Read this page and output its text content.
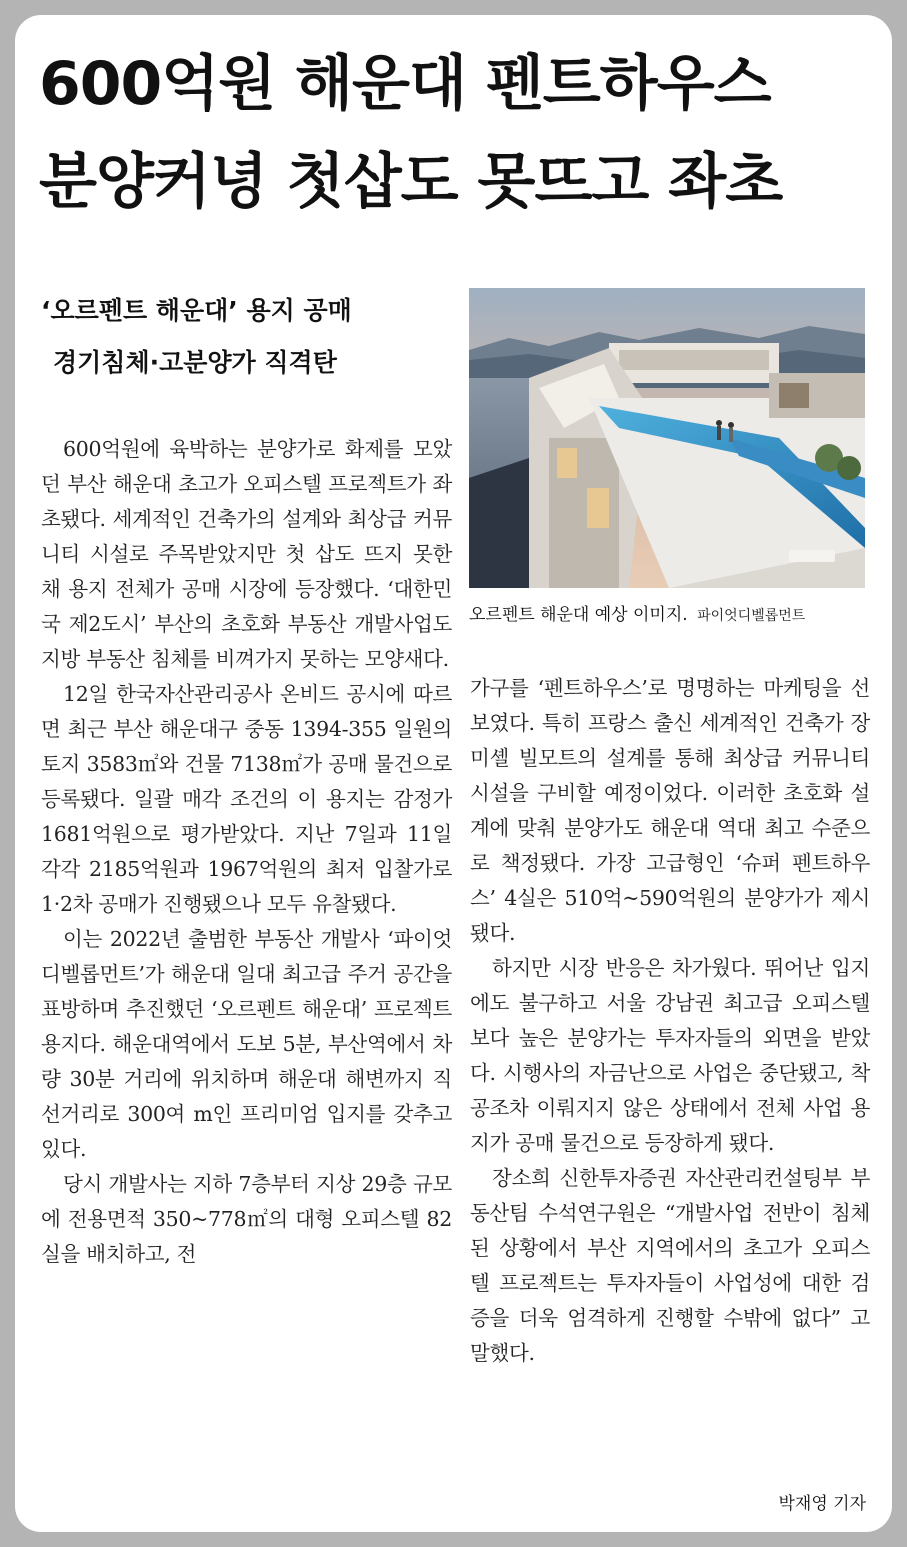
600억원 해운대 펜트하우스
분양커녕 첫삽도 못뜨고 좌초
‘오르펜트 해운대’ 용지 공매
경기침체·고분양가 직격탄

600억원에 육박하는 분양가로 화제를 모았던 부산 해운대 초고가 오피스텔 프로젝트가 좌초됐다. 세계적인 건축가의 설계와 최상급 커뮤니티 시설로 주목받았지만 첫 삽도 뜨지 못한 채 용지 전체가 공매 시장에 등장했다. ‘대한민국 제2도시’ 부산의 초호화 부동산 개발사업도 지방 부동산 침체를 비껴가지 못하는 모양새다.

12일 한국자산관리공사 온비드 공시에 따르면 최근 부산 해운대구 중동 1394-355 일원의 토지 3583㎡와 건물 7138㎡가 공매 물건으로 등록됐다. 일괄 매각 조건의 이 용지는 감정가 1681억원으로 평가받았다. 지난 7일과 11일 각각 2185억원과 1967억원의 최저 입찰가로 1·2차 공매가 진행됐으나 모두 유찰됐다.

이는 2022년 출범한 부동산 개발사 ‘파이엇디벨롭먼트’가 해운대 일대 최고급 주거 공간을 표방하며 추진했던 ‘오르펜트 해운대’ 프로젝트 용지다. 해운대역에서 도보 5분, 부산역에서 차량 30분 거리에 위치하며 해운대 해변까지 직선거리로 300여 m인 프리미엄 입지를 갖추고 있다.

당시 개발사는 지하 7층부터 지상 29층 규모에 전용면적 350~778㎡의 대형 오피스텔 82실을 배치하고, 전

오르펜트 해운대 예상 이미지. 파이엇디벨롭먼트

가구를 ‘펜트하우스’로 명명하는 마케팅을 선보였다. 특히 프랑스 출신 세계적인 건축가 장미셸 빌모트의 설계를 통해 최상급 커뮤니티 시설을 구비할 예정이었다. 이러한 초호화 설계에 맞춰 분양가도 해운대 역대 최고 수준으로 책정됐다. 가장 고급형인 ‘슈퍼 펜트하우스’ 4실은 510억~590억원의 분양가가 제시됐다.

하지만 시장 반응은 차가웠다. 뛰어난 입지에도 불구하고 서울 강남권 최고급 오피스텔보다 높은 분양가는 투자자들의 외면을 받았다. 시행사의 자금난으로 사업은 중단됐고, 착공조차 이뤄지지 않은 상태에서 전체 사업 용지가 공매 물건으로 등장하게 됐다.

장소희 신한투자증권 자산관리컨설팅부 부동산팀 수석연구원은 “개발사업 전반이 침체된 상황에서 부산 지역에서의 초고가 오피스텔 프로젝트는 투자자들이 사업성에 대한 검증을 더욱 엄격하게 진행할 수밖에 없다” 고 말했다.

박재영 기자
